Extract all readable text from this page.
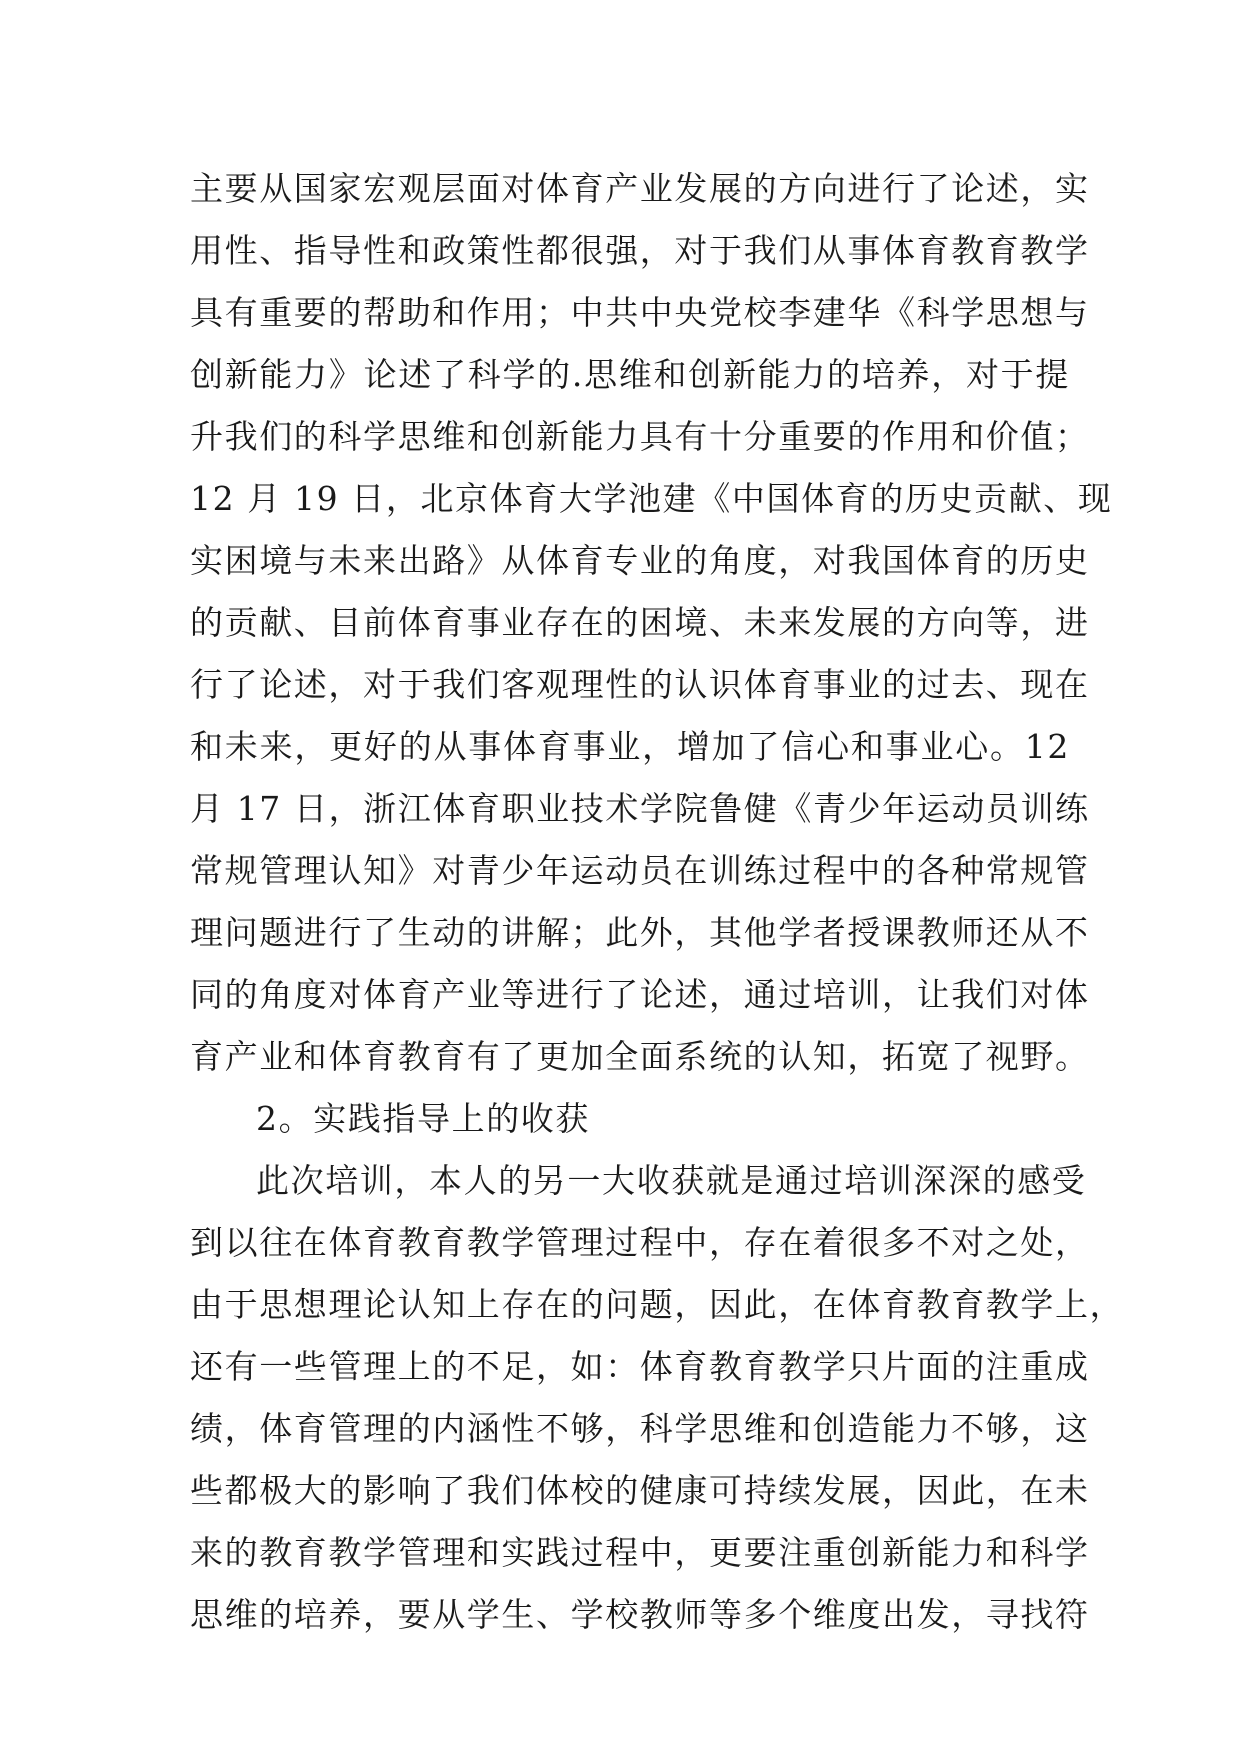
主要从国家宏观层面对体育产业发展的方向进行了论述，实
用性、指导性和政策性都很强，对于我们从事体育教育教学
具有重要的帮助和作用；中共中央党校李建华《科学思想与
创新能力》论述了科学的.思维和创新能力的培养，对于提
升我们的科学思维和创新能力具有十分重要的作用和价值；
12 月 19 日，北京体育大学池建《中国体育的历史贡献、现
实困境与未来出路》从体育专业的角度，对我国体育的历史
的贡献、目前体育事业存在的困境、未来发展的方向等，进
行了论述，对于我们客观理性的认识体育事业的过去、现在
和未来，更好的从事体育事业，增加了信心和事业心。12
月 17 日，浙江体育职业技术学院鲁健《青少年运动员训练
常规管理认知》对青少年运动员在训练过程中的各种常规管
理问题进行了生动的讲解；此外，其他学者授课教师还从不
同的角度对体育产业等进行了论述，通过培训，让我们对体
育产业和体育教育有了更加全面系统的认知，拓宽了视野。
2。实践指导上的收获
此次培训，本人的另一大收获就是通过培训深深的感受
到以往在体育教育教学管理过程中，存在着很多不对之处，
由于思想理论认知上存在的问题，因此，在体育教育教学上，
还有一些管理上的不足，如：体育教育教学只片面的注重成
绩，体育管理的内涵性不够，科学思维和创造能力不够，这
些都极大的影响了我们体校的健康可持续发展，因此，在未
来的教育教学管理和实践过程中，更要注重创新能力和科学
思维的培养，要从学生、学校教师等多个维度出发，寻找符
